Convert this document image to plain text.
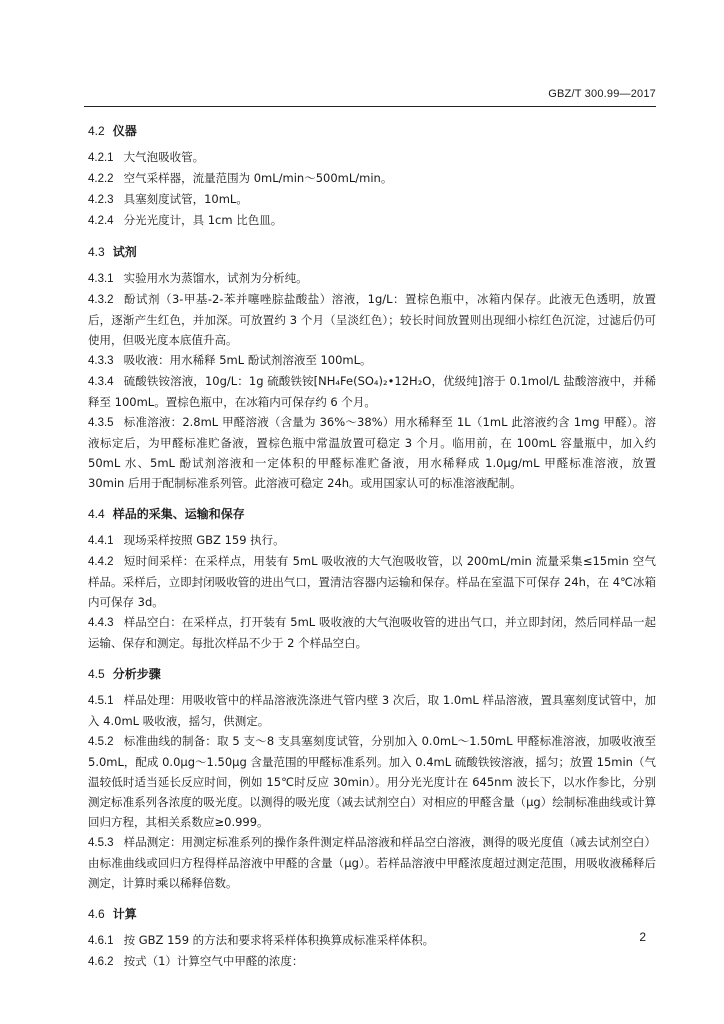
GBZ/T 300.99—2017
4.2 仪器

4.2.1 大气泡吸收管。

4.2.2 空气采样器，流量范围为 0mL/min～500mL/min。

4.2.3 具塞刻度试管，10mL。

4.2.4 分光光度计，具 1cm 比色皿。

4.3 试剂

4.3.1 实验用水为蒸馏水，试剂为分析纯。

4.3.2 酚试剂（3-甲基-2-苯并噻唑腙盐酸盐）溶液，1g/L：置棕色瓶中，冰箱内保存。此液无色透明，放置后，逐渐产生红色，并加深。可放置约 3 个月（呈淡红色）；较长时间放置则出现细小棕红色沉淀，过滤后仍可使用，但吸光度本底值升高。

4.3.3 吸收液：用水稀释 5mL 酚试剂溶液至 100mL。

4.3.4 硫酸铁铵溶液，10g/L：1g 硫酸铁铵[NH₄Fe(SO₄)₂•12H₂O，优级纯]溶于 0.1mol/L 盐酸溶液中，并稀释至 100mL。置棕色瓶中，在冰箱内可保存约 6 个月。

4.3.5 标准溶液：2.8mL 甲醛溶液（含量为 36%～38%）用水稀释至 1L（1mL 此溶液约含 1mg 甲醛）。溶液标定后，为甲醛标准贮备液，置棕色瓶中常温放置可稳定 3 个月。临用前，在 100mL 容量瓶中，加入约 50mL 水、5mL 酚试剂溶液和一定体积的甲醛标准贮备液，用水稀释成 1.0μg/mL 甲醛标准溶液，放置 30min 后用于配制标准系列管。此溶液可稳定 24h。或用国家认可的标准溶液配制。

4.4 样品的采集、运输和保存

4.4.1 现场采样按照 GBZ 159 执行。

4.4.2 短时间采样：在采样点，用装有 5mL 吸收液的大气泡吸收管，以 200mL/min 流量采集≤15min 空气样品。采样后，立即封闭吸收管的进出气口，置清洁容器内运输和保存。样品在室温下可保存 24h，在 4℃冰箱内可保存 3d。

4.4.3 样品空白：在采样点，打开装有 5mL 吸收液的大气泡吸收管的进出气口，并立即封闭，然后同样品一起运输、保存和测定。每批次样品不少于 2 个样品空白。

4.5 分析步骤

4.5.1 样品处理：用吸收管中的样品溶液洗涤进气管内壁 3 次后，取 1.0mL 样品溶液，置具塞刻度试管中，加入 4.0mL 吸收液，摇匀，供测定。

4.5.2 标准曲线的制备：取 5 支～8 支具塞刻度试管，分别加入 0.0mL～1.50mL 甲醛标准溶液，加吸收液至 5.0mL，配成 0.0μg～1.50μg 含量范围的甲醛标准系列。加入 0.4mL 硫酸铁铵溶液，摇匀；放置 15min（气温较低时适当延长反应时间，例如 15℃时反应 30min）。用分光光度计在 645nm 波长下，以水作参比，分别测定标准系列各浓度的吸光度。以测得的吸光度（减去试剂空白）对相应的甲醛含量（μg）绘制标准曲线或计算回归方程，其相关系数应≥0.999。

4.5.3 样品测定：用测定标准系列的操作条件测定样品溶液和样品空白溶液，测得的吸光度值（减去试剂空白）由标准曲线或回归方程得样品溶液中甲醛的含量（μg）。若样品溶液中甲醛浓度超过测定范围，用吸收液稀释后测定，计算时乘以稀释倍数。

4.6 计算

4.6.1 按 GBZ 159 的方法和要求将采样体积换算成标准采样体积。

4.6.2 按式（1）计算空气中甲醛的浓度：

2
